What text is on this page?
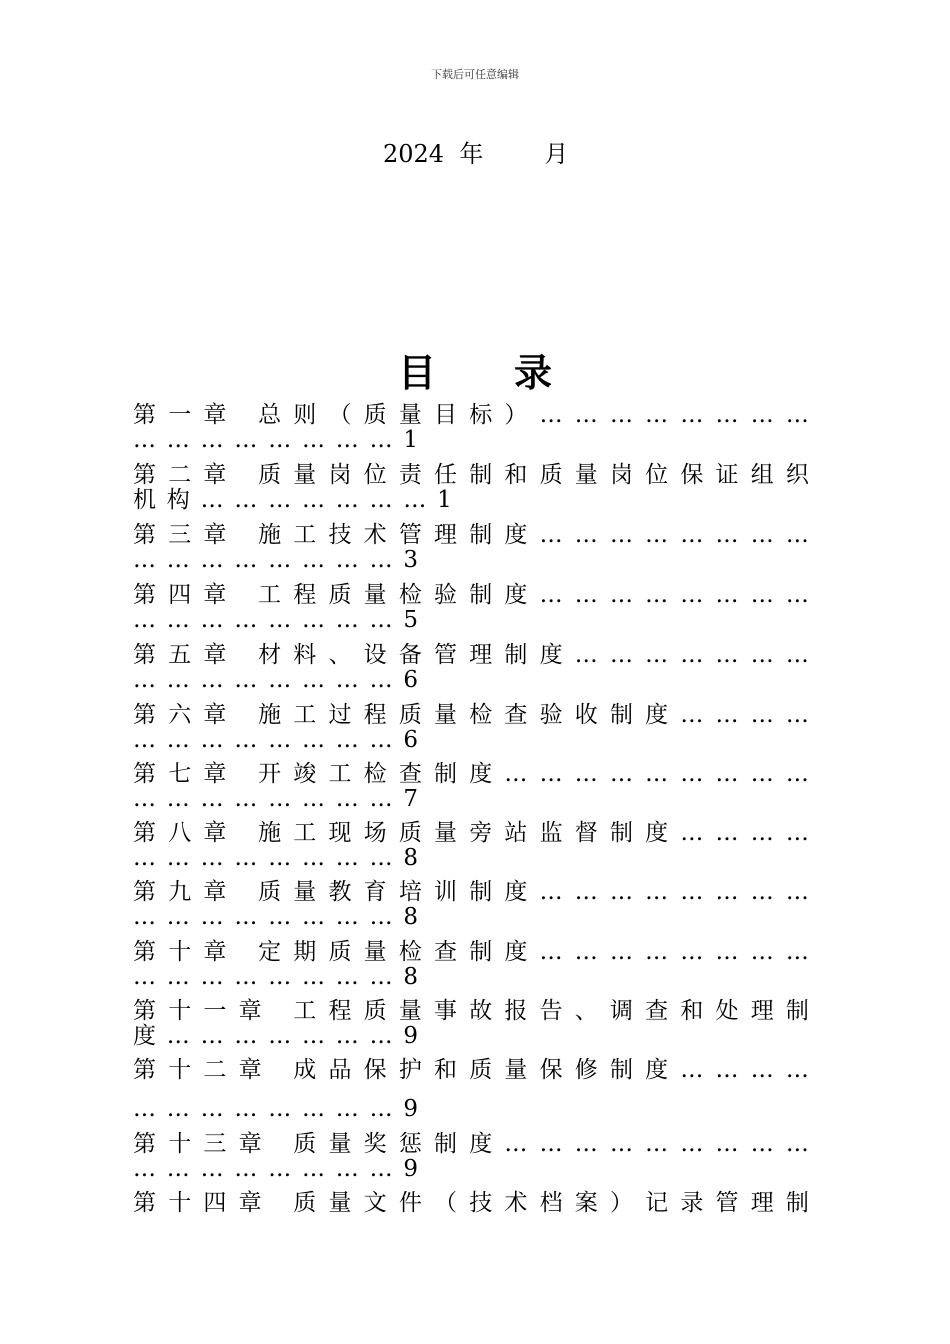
下载后可任意编辑
2024  年        月
目 录
第 一 章
总 则 （ 质 量 目 标 ） … … … … … … … …
… … … … … … … … 1
第 二 章
质 量 岗 位 责 任 制 和 质 量 岗 位 保 证 组 织
机 构 … … … … … … … 1
第 三 章
施 工 技 术 管 理 制 度 … … … … … … … …
… … … … … … … … 3
第 四 章
工 程 质 量 检 验 制 度 … … … … … … … …
… … … … … … … … 5
第 五 章
材 料 、 设 备 管 理 制 度 … … … … … … …
… … … … … … … … 6
第 六 章
施 工 过 程 质 量 检 查 验 收 制 度 … … … …
… … … … … … … … 6
第 七 章
开 竣 工 检 查 制 度 … … … … … … … … …
… … … … … … … … 7
第 八 章
施 工 现 场 质 量 旁 站 监 督 制 度 … … … …
… … … … … … … … 8
第 九 章
质 量 教 育 培 训 制 度 … … … … … … … …
… … … … … … … … 8
第 十 章
定 期 质 量 检 查 制 度 … … … … … … … …
… … … … … … … … 8
第 十 一 章
工 程 质 量 事 故 报 告 、 调 查 和 处 理 制
度 … … … … … … … 9
第 十 二 章
成 品 保 护 和 质 量 保 修 制 度 … … … …
… … … … … … … … 9
第 十 三 章
质 量 奖 惩 制 度 … … … … … … … … …
… … … … … … … … 9
第 十 四 章
质 量 文 件 （ 技 术 档 案 ） 记 录 管 理 制
